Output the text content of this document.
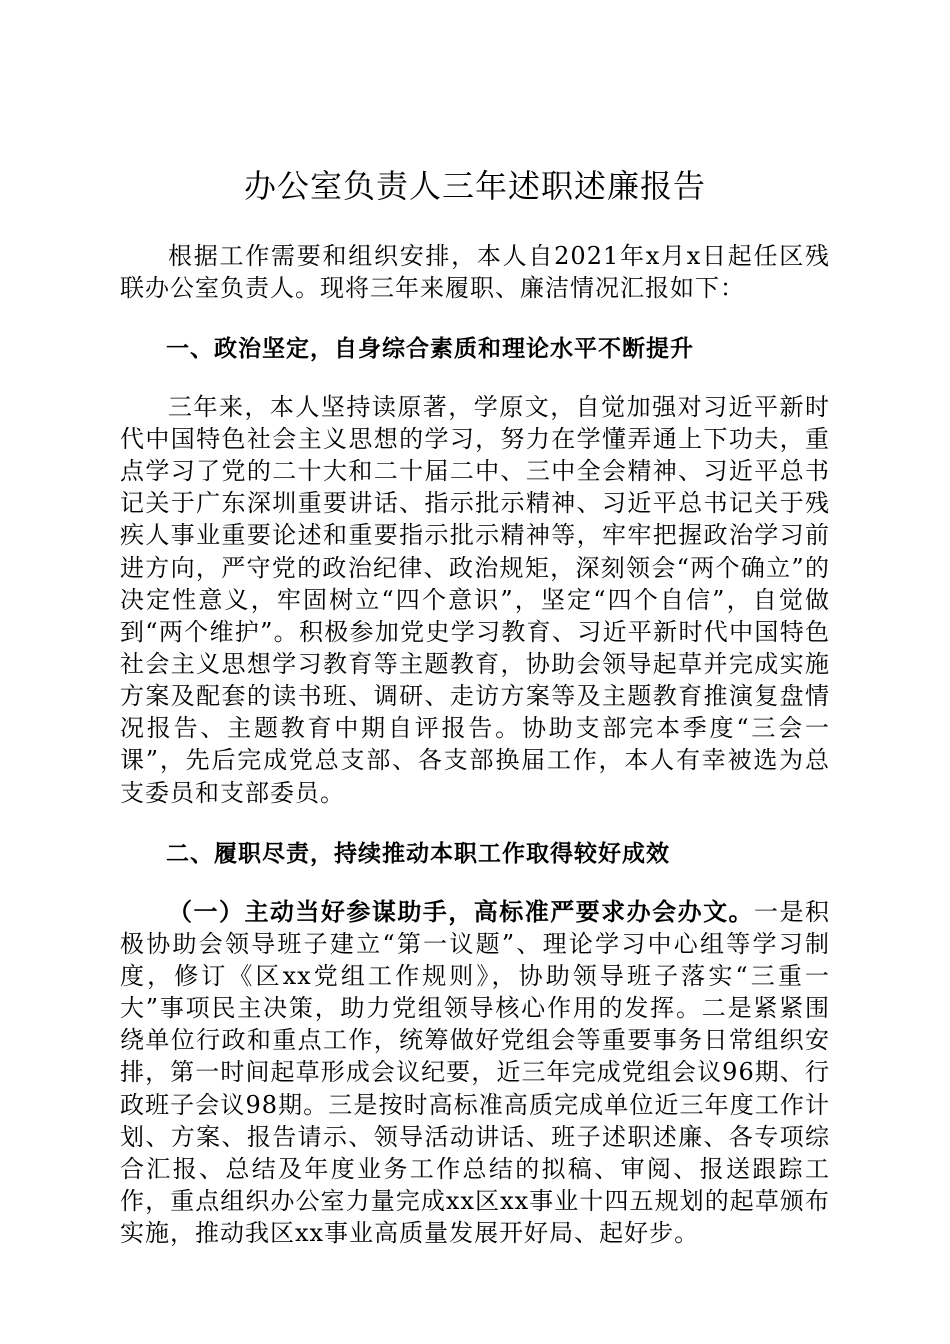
办公室负责人三年述职述廉报告

根据工作需要和组织安排，本人自2021年x月x日起任区残联办公室负责人。现将三年来履职、廉洁情况汇报如下：

一、政治坚定，自身综合素质和理论水平不断提升

三年来，本人坚持读原著，学原文，自觉加强对习近平新时代中国特色社会主义思想的学习，努力在学懂弄通上下功夫，重点学习了党的二十大和二十届二中、三中全会精神、习近平总书记关于广东深圳重要讲话、指示批示精神、习近平总书记关于残疾人事业重要论述和重要指示批示精神等，牢牢把握政治学习前进方向，严守党的政治纪律、政治规矩，深刻领会“两个确立”的决定性意义，牢固树立“四个意识”，坚定“四个自信”，自觉做到“两个维护”。积极参加党史学习教育、习近平新时代中国特色社会主义思想学习教育等主题教育，协助会领导起草并完成实施方案及配套的读书班、调研、走访方案等及主题教育推演复盘情况报告、主题教育中期自评报告。协助支部完本季度“三会一课”，先后完成党总支部、各支部换届工作，本人有幸被选为总支委员和支部委员。

二、履职尽责，持续推动本职工作取得较好成效

（一）主动当好参谋助手，高标准严要求办会办文。一是积极协助会领导班子建立“第一议题”、理论学习中心组等学习制度，修订《区xx党组工作规则》，协助领导班子落实“三重一大”事项民主决策，助力党组领导核心作用的发挥。二是紧紧围绕单位行政和重点工作，统筹做好党组会等重要事务日常组织安排，第一时间起草形成会议纪要，近三年完成党组会议96期、行政班子会议98期。三是按时高标准高质完成单位近三年度工作计划、方案、报告请示、领导活动讲话、班子述职述廉、各专项综合汇报、总结及年度业务工作总结的拟稿、审阅、报送跟踪工作，重点组织办公室力量完成xx区xx事业十四五规划的起草颁布实施，推动我区xx事业高质量发展开好局、起好步。
